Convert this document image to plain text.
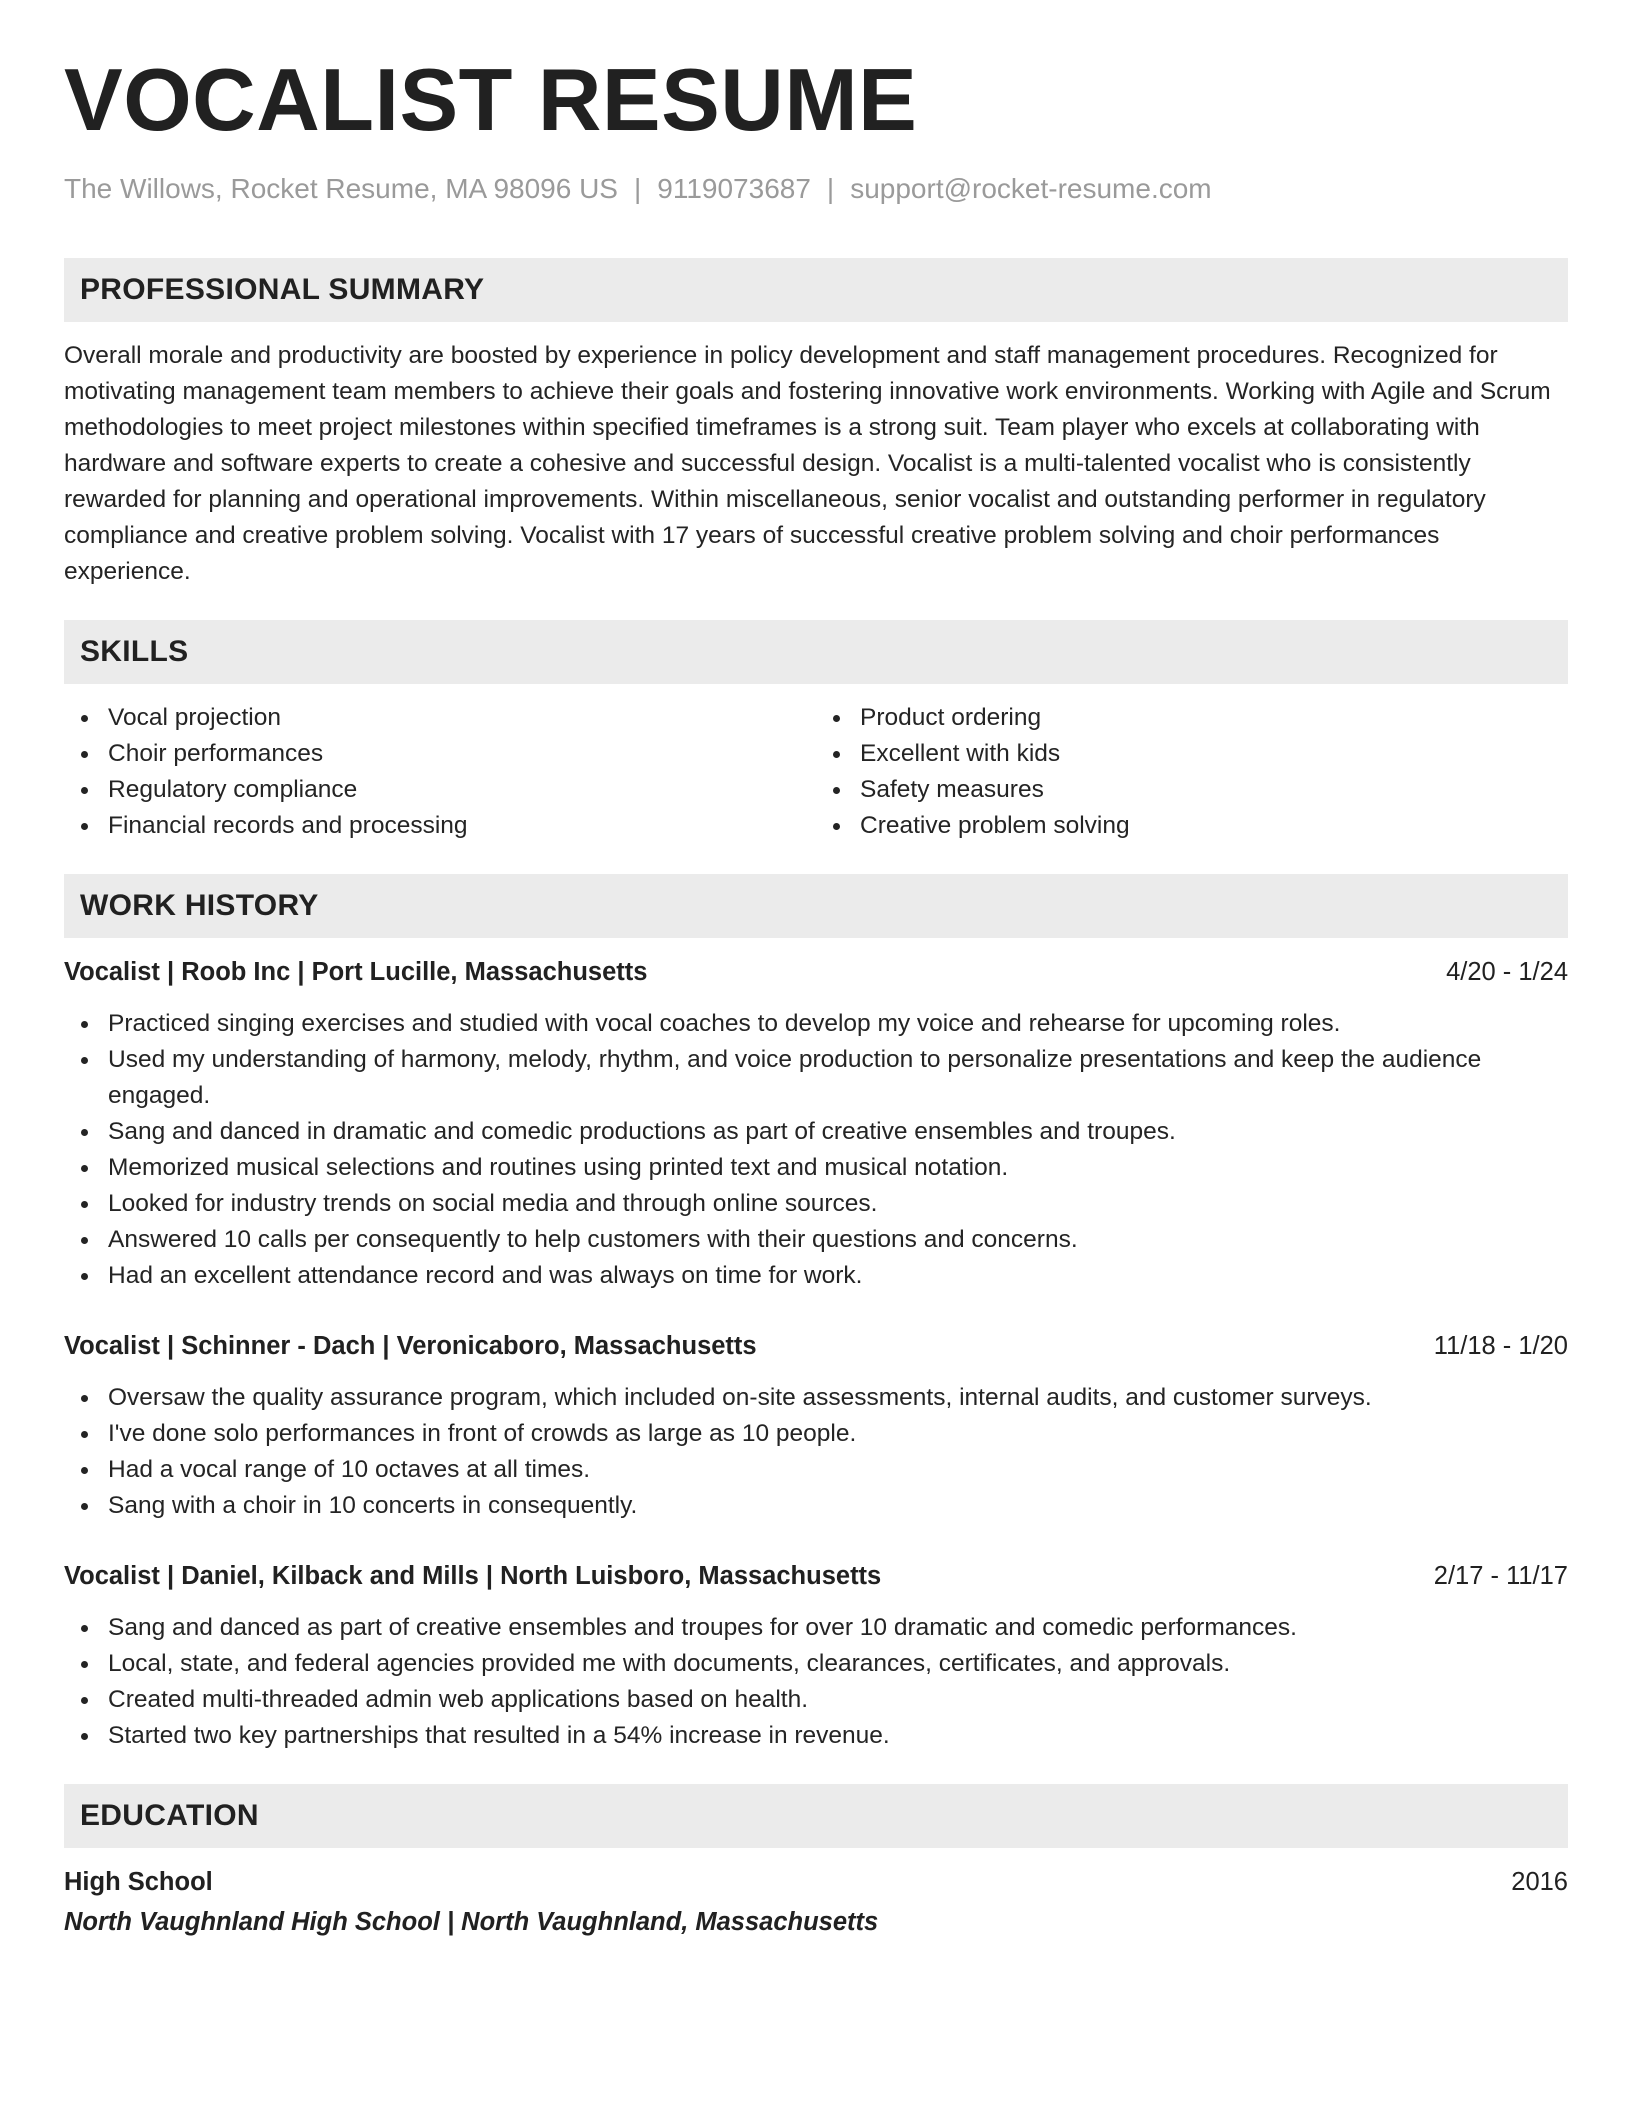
VOCALIST RESUME
The Willows, Rocket Resume, MA 98096 US | 9119073687 | support@rocket-resume.com
PROFESSIONAL SUMMARY
Overall morale and productivity are boosted by experience in policy development and staff management procedures. Recognized for motivating management team members to achieve their goals and fostering innovative work environments. Working with Agile and Scrum methodologies to meet project milestones within specified timeframes is a strong suit. Team player who excels at collaborating with hardware and software experts to create a cohesive and successful design. Vocalist is a multi-talented vocalist who is consistently rewarded for planning and operational improvements. Within miscellaneous, senior vocalist and outstanding performer in regulatory compliance and creative problem solving. Vocalist with 17 years of successful creative problem solving and choir performances experience.
SKILLS
Vocal projection
Choir performances
Regulatory compliance
Financial records and processing
Product ordering
Excellent with kids
Safety measures
Creative problem solving
WORK HISTORY
Vocalist | Roob Inc | Port Lucille, Massachusetts	4/20 - 1/24
Practiced singing exercises and studied with vocal coaches to develop my voice and rehearse for upcoming roles.
Used my understanding of harmony, melody, rhythm, and voice production to personalize presentations and keep the audience engaged.
Sang and danced in dramatic and comedic productions as part of creative ensembles and troupes.
Memorized musical selections and routines using printed text and musical notation.
Looked for industry trends on social media and through online sources.
Answered 10 calls per consequently to help customers with their questions and concerns.
Had an excellent attendance record and was always on time for work.
Vocalist | Schinner - Dach | Veronicaboro, Massachusetts	11/18 - 1/20
Oversaw the quality assurance program, which included on-site assessments, internal audits, and customer surveys.
I've done solo performances in front of crowds as large as 10 people.
Had a vocal range of 10 octaves at all times.
Sang with a choir in 10 concerts in consequently.
Vocalist | Daniel, Kilback and Mills | North Luisboro, Massachusetts	2/17 - 11/17
Sang and danced as part of creative ensembles and troupes for over 10 dramatic and comedic performances.
Local, state, and federal agencies provided me with documents, clearances, certificates, and approvals.
Created multi-threaded admin web applications based on health.
Started two key partnerships that resulted in a 54% increase in revenue.
EDUCATION
High School	2016
North Vaughnland High School | North Vaughnland, Massachusetts
